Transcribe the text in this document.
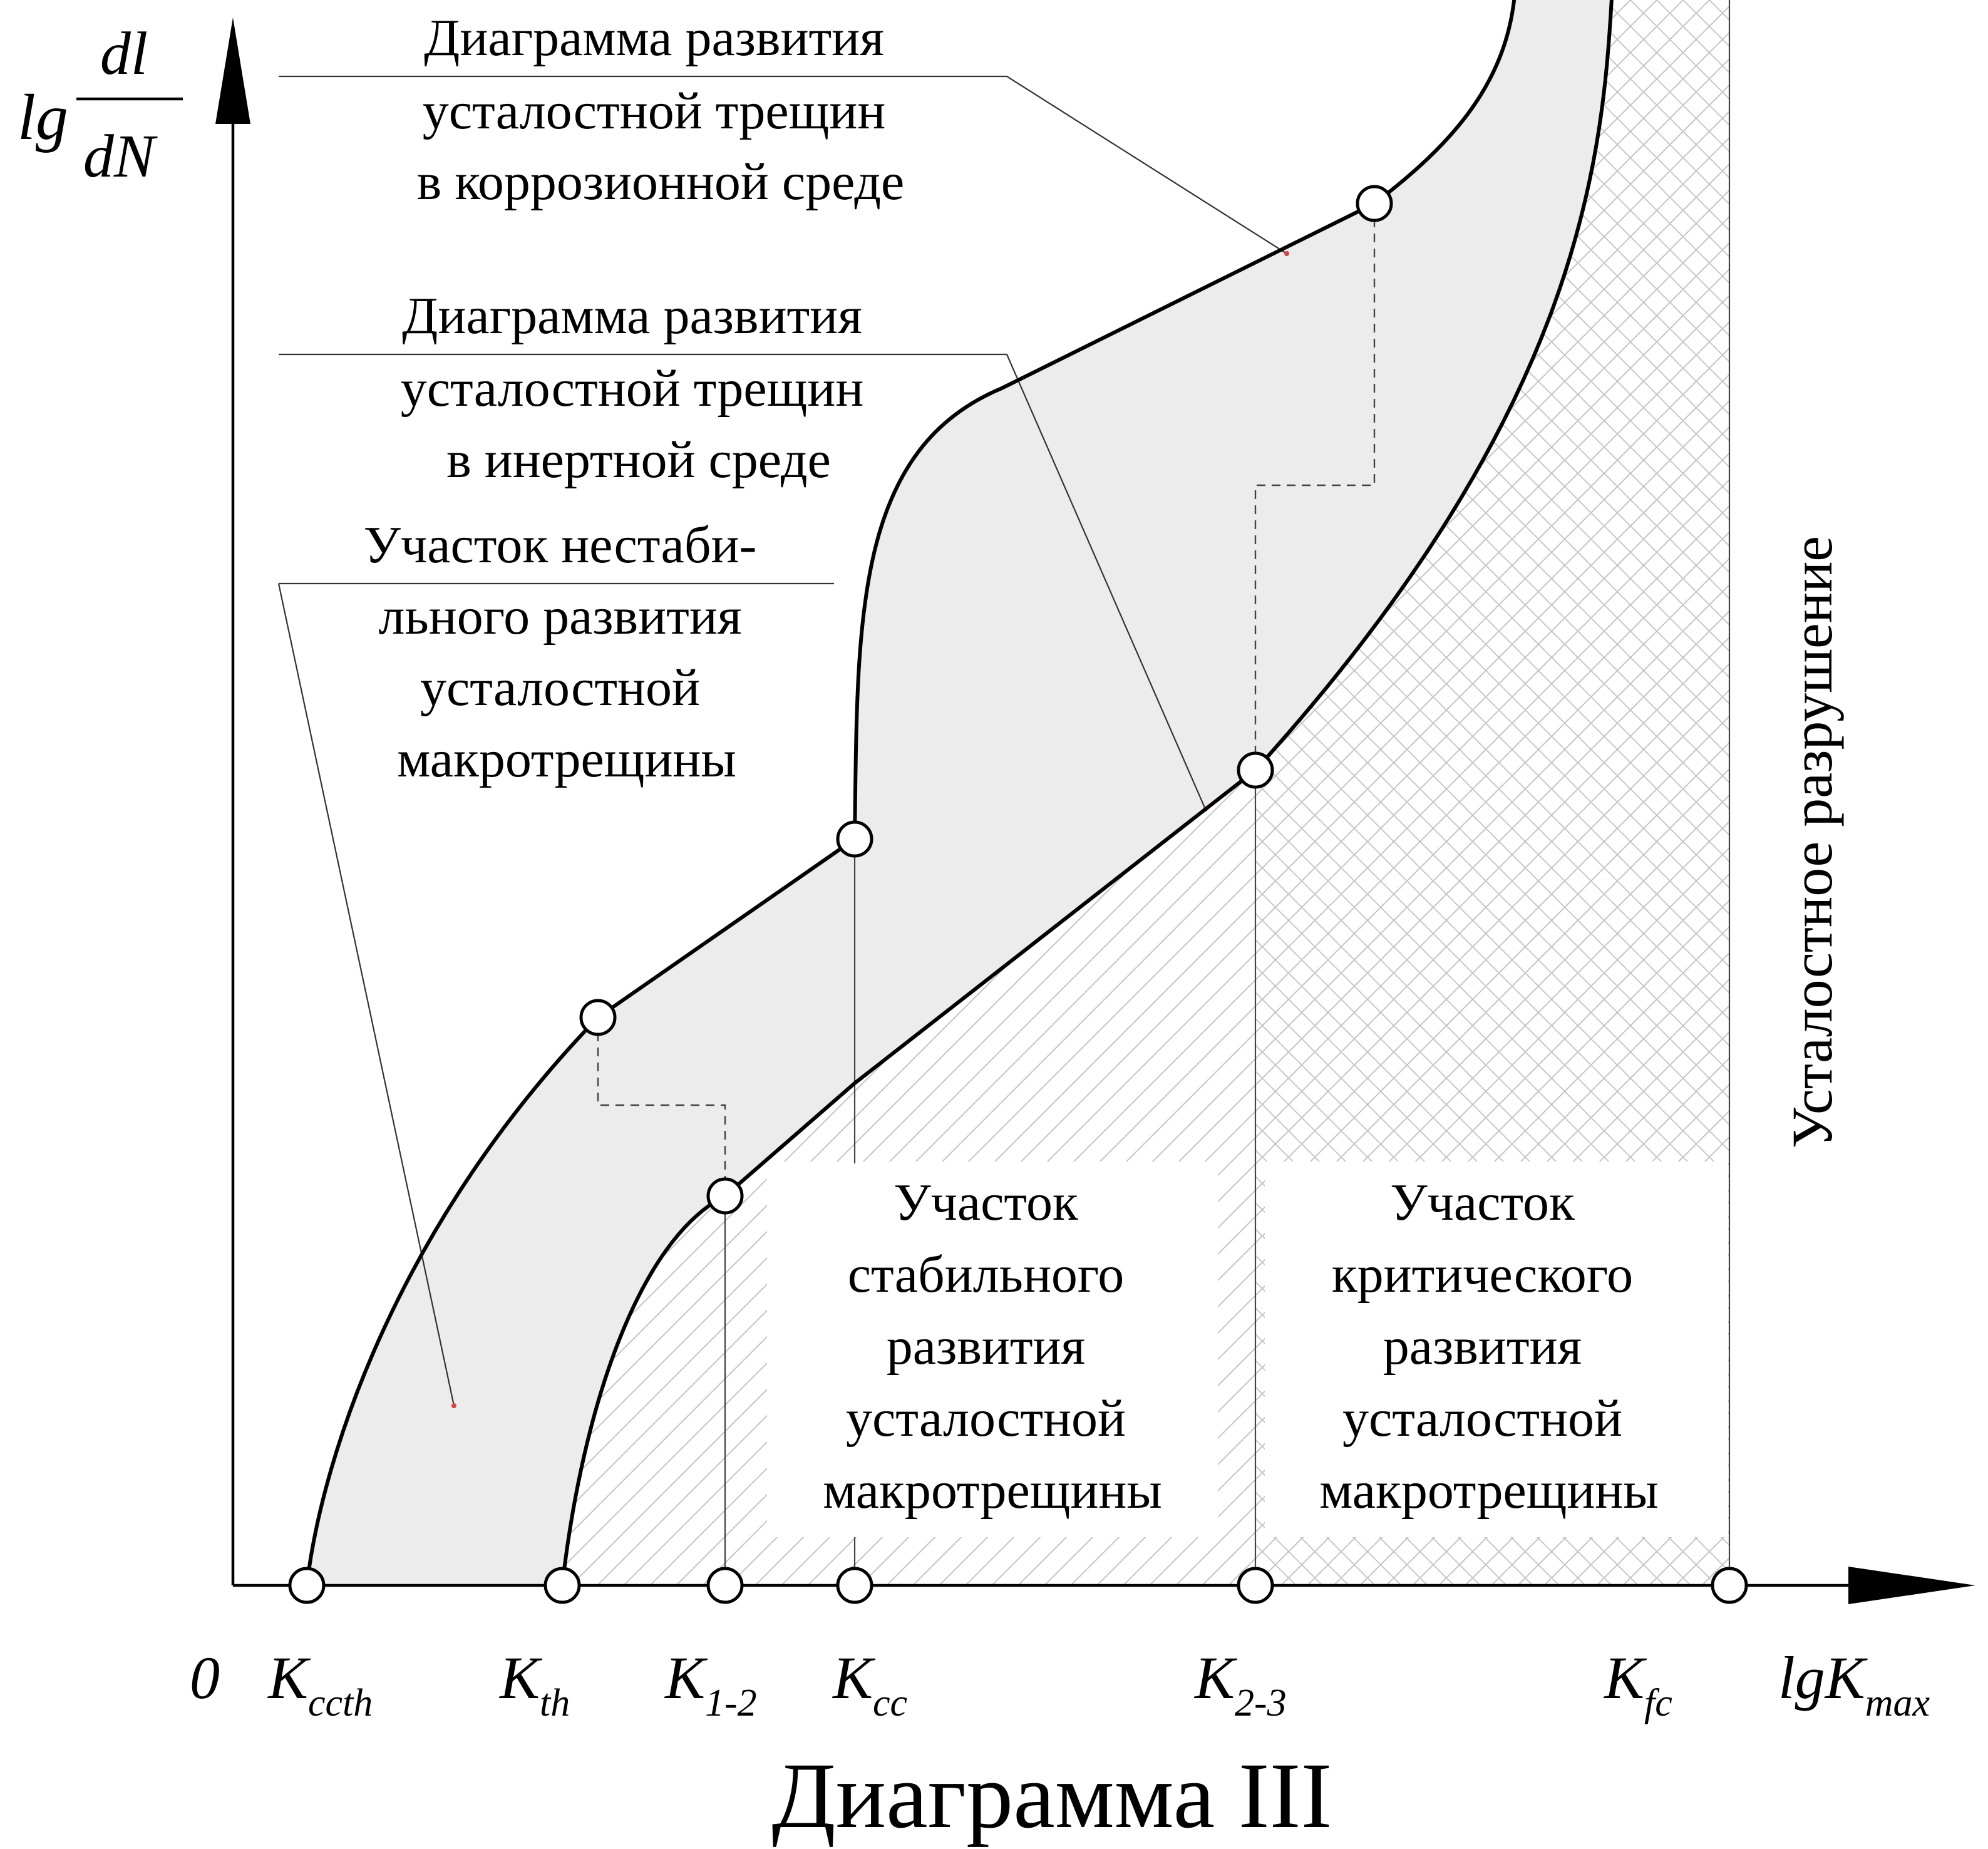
lg
dl
dN
0 $K_{ccth}$ $K_{th}$ $K_{1-2}$ $K_{cc}$	$K_{2-3}$	$K_{fc}$ lgK$_{max}$
Диаграмма развития усталостной трещин в коррозионной среде
Диаграмма развития усталостной трещин в инертной среде
Участок нестаби- льного развития усталостной макротрещины
Участок стабильного развития усталостной макротрещины
Участок критического развития усталостной макротрещины
Усталостное разрушение
Диаграмма III
